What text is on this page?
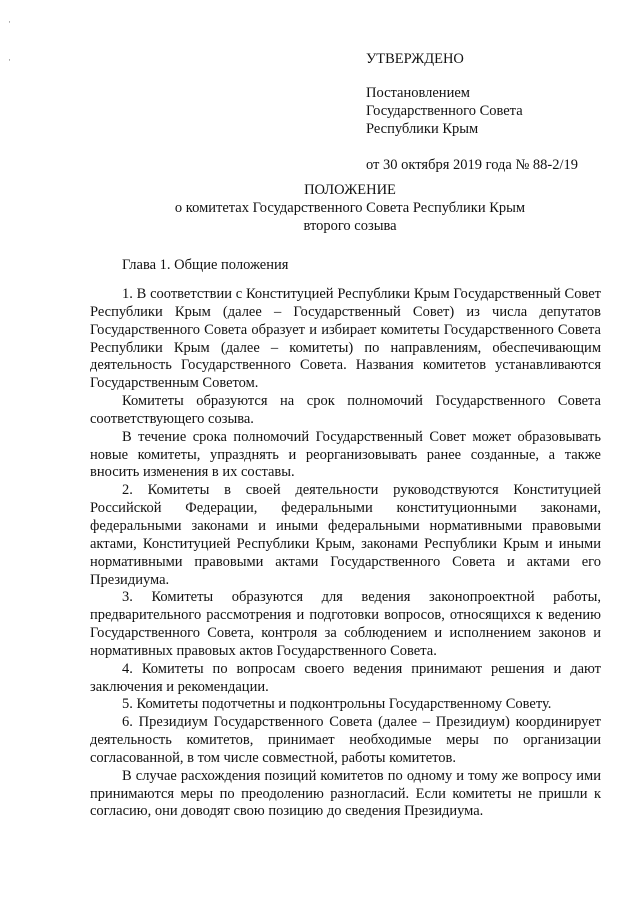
·
·	УТВЕРЖДЕНО
Постановлением
Государственного Совета
Республики Крым
от 30 октября 2019 года № 88-2/19
ПОЛОЖЕНИЕ
о комитетах Государственного Совета Республики Крым
второго созыва
Глава 1. Общие положения

1. В соответствии с Конституцией Республики Крым Государственный Совет Республики Крым (далее – Государственный Совет) из числа депутатов Государственного Совета образует и избирает комитеты Государственного Совета Республики Крым (далее – комитеты) по направлениям, обеспечивающим деятельность Государственного Совета. Названия комитетов устанавливаются Государственным Советом.

Комитеты образуются на срок полномочий Государственного Совета соответствующего созыва.

В течение срока полномочий Государственный Совет может образовывать новые комитеты, упразднять и реорганизовывать ранее созданные, а также вносить изменения в их составы.

2. Комитеты в своей деятельности руководствуются Конституцией Российской Федерации, федеральными конституционными законами, федеральными законами и иными федеральными нормативными правовыми актами, Конституцией Республики Крым, законами Республики Крым и иными нормативными правовыми актами Государственного Совета и актами его Президиума.

3. Комитеты образуются для ведения законопроектной работы, предварительного рассмотрения и подготовки вопросов, относящихся к ведению Государственного Совета, контроля за соблюдением и исполнением законов и нормативных правовых актов Государственного Совета.

4. Комитеты по вопросам своего ведения принимают решения и дают заключения и рекомендации.

5. Комитеты подотчетны и подконтрольны Государственному Совету.

6. Президиум Государственного Совета (далее – Президиум) координирует деятельность комитетов, принимает необходимые меры по организации согласованной, в том числе совместной, работы комитетов.

В случае расхождения позиций комитетов по одному и тому же вопросу ими принимаются меры по преодолению разногласий. Если комитеты не пришли к согласию, они доводят свою позицию до сведения Президиума.
